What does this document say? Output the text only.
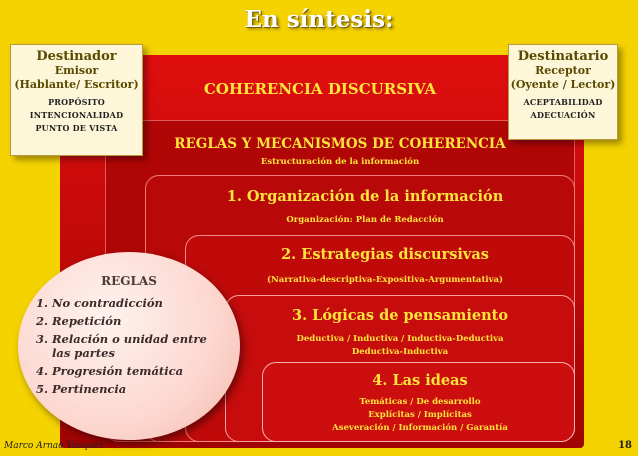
En síntesis:
COHERENCIA DISCURSIVA
REGLAS Y MECANISMOS DE COHERENCIA
Estructuración de la información
1. Organización de la información
Organización: Plan de Redacción
2. Estrategias discursivas
(Narrativa-descriptiva-Expositiva-Argumentativa)
3. Lógicas de pensamiento
Deductiva / Inductiva / Inductiva-Deductiva
Deductiva-Inductiva
4. Las ideas
Temáticas / De desarrollo
Explícitas / Implícitas
Aseveración / Información / Garantía
Destinador
Emisor
(Hablante/ Escritor)
PROPÓSITO
INTENCIONALIDAD
PUNTO DE VISTA
Destinatario
Receptor
(Oyente / Lector)
ACEPTABILIDAD
ADECUACIÓN
REGLAS
1. No contradicción
2. Repetición
3. Relación o unidad entre las partes
4. Progresión temática
5. Pertinencia
Marco Arnao Vásquez	18
